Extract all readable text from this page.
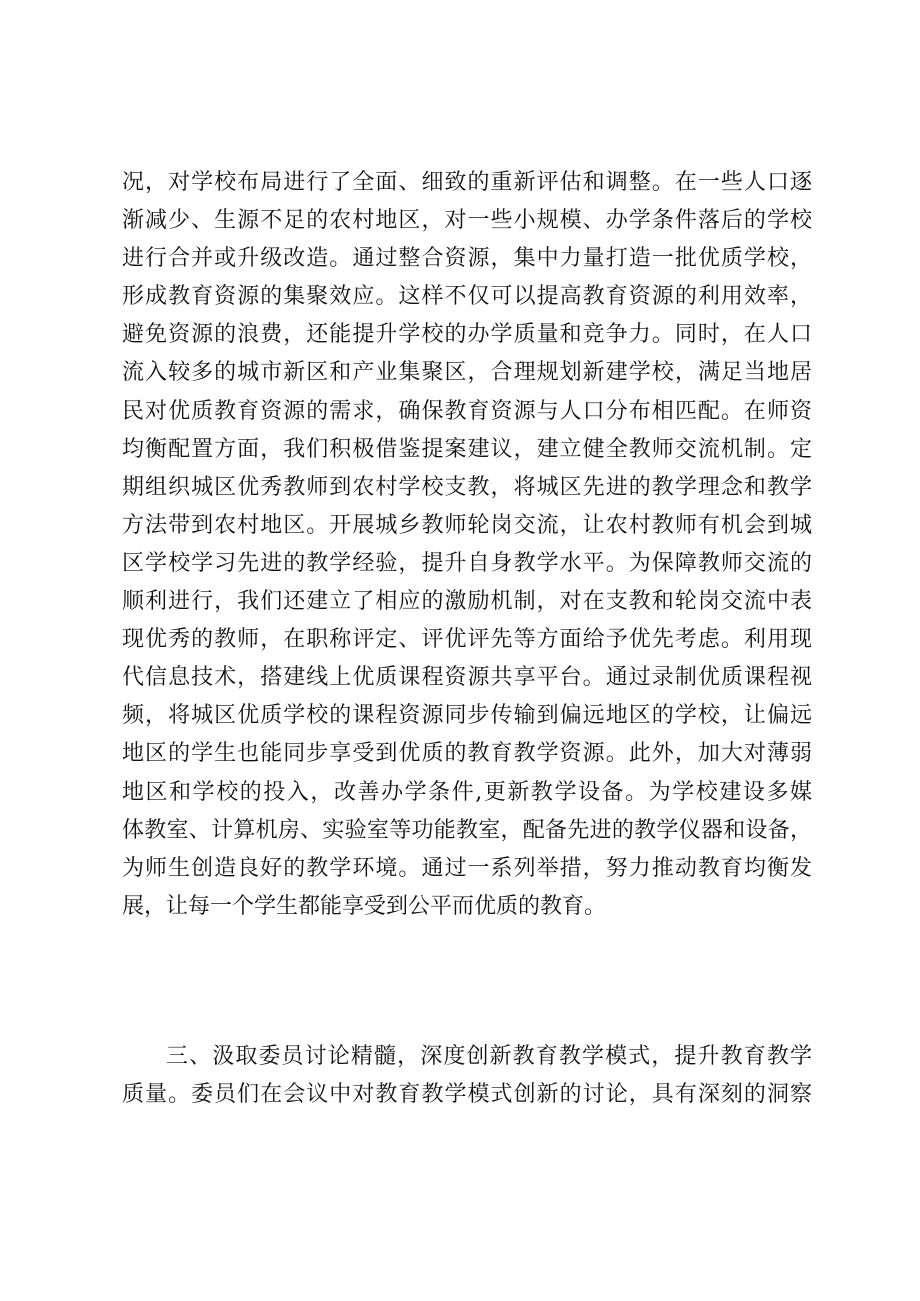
况，对学校布局进行了全面、细致的重新评估和调整。在一些人口逐
渐减少、生源不足的农村地区，对一些小规模、办学条件落后的学校
进行合并或升级改造。通过整合资源，集中力量打造一批优质学校，
形成教育资源的集聚效应。这样不仅可以提高教育资源的利用效率，
避免资源的浪费，还能提升学校的办学质量和竞争力。同时，在人口
流入较多的城市新区和产业集聚区，合理规划新建学校，满足当地居
民对优质教育资源的需求，确保教育资源与人口分布相匹配。在师资
均衡配置方面，我们积极借鉴提案建议，建立健全教师交流机制。定
期组织城区优秀教师到农村学校支教，将城区先进的教学理念和教学
方法带到农村地区。开展城乡教师轮岗交流，让农村教师有机会到城
区学校学习先进的教学经验，提升自身教学水平。为保障教师交流的
顺利进行，我们还建立了相应的激励机制，对在支教和轮岗交流中表
现优秀的教师，在职称评定、评优评先等方面给予优先考虑。利用现
代信息技术，搭建线上优质课程资源共享平台。通过录制优质课程视
频，将城区优质学校的课程资源同步传输到偏远地区的学校，让偏远
地区的学生也能同步享受到优质的教育教学资源。此外，加大对薄弱
地区和学校的投入，改善办学条件,更新教学设备。为学校建设多媒
体教室、计算机房、实验室等功能教室，配备先进的教学仪器和设备，
为师生创造良好的教学环境。通过一系列举措，努力推动教育均衡发
展，让每一个学生都能享受到公平而优质的教育。
三、汲取委员讨论精髓，深度创新教育教学模式，提升教育教学
质量。委员们在会议中对教育教学模式创新的讨论，具有深刻的洞察
